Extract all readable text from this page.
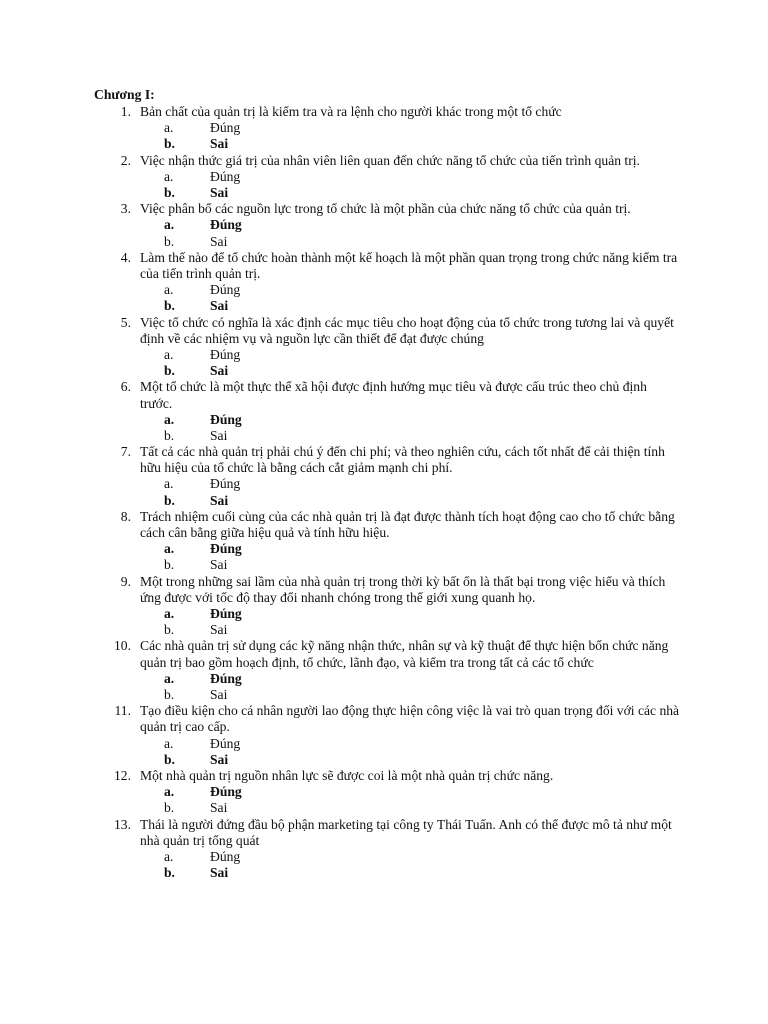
Chương I:
1. Bản chất của quản trị là kiểm tra và ra lệnh cho người khác trong một tổ chức
a.	Đúng
b.	Sai
2. Việc nhận thức giá trị của nhân viên liên quan đến chức năng tổ chức của tiến trình quản trị.
a.	Đúng
b.	Sai
3. Việc phân bổ các nguồn lực trong tổ chức là một phần của chức năng tổ chức của quản trị.
a.	Đúng
b.	Sai
4. Làm thế nào để tổ chức hoàn thành một kế hoạch là một phần quan trọng trong chức năng kiểm tra của tiến trình quản trị.
a.	Đúng
b.	Sai
5. Việc tổ chức có nghĩa là xác định các mục tiêu cho hoạt động của tổ chức trong tương lai và quyết định về các nhiệm vụ và nguồn lực cần thiết để đạt được chúng
a.	Đúng
b.	Sai
6. Một tổ chức là một thực thể xã hội được định hướng mục tiêu và được cấu trúc theo chủ định trước.
a.	Đúng
b.	Sai
7. Tất cả các nhà quản trị phải chú ý đến chi phí; và theo nghiên cứu, cách tốt nhất để cải thiện tính hữu hiệu của tổ chức là bằng cách cắt giảm mạnh chi phí.
a.	Đúng
b.	Sai
8. Trách nhiệm cuối cùng của các nhà quản trị là đạt được thành tích hoạt động cao cho tổ chức bằng cách cân bằng giữa hiệu quả và tính hữu hiệu.
a.	Đúng
b.	Sai
9. Một trong những sai lầm của nhà quản trị trong thời kỳ bất ổn là thất bại trong việc hiểu và thích ứng được với tốc độ thay đổi nhanh chóng trong thế giới xung quanh họ.
a.	Đúng
b.	Sai
10. Các nhà quản trị sử dụng các kỹ năng nhận thức, nhân sự và kỹ thuật để thực hiện bốn chức năng quản trị bao gồm hoạch định, tổ chức, lãnh đạo, và kiểm tra trong tất cả các tổ chức
a.	Đúng
b.	Sai
11. Tạo điều kiện cho cá nhân người lao động thực hiện công việc là vai trò quan trọng đối với các nhà quản trị cao cấp.
a.	Đúng
b.	Sai
12. Một nhà quản trị nguồn nhân lực sẽ được coi là một nhà quản trị chức năng.
a.	Đúng
b.	Sai
13. Thái là người đứng đầu bộ phận marketing tại công ty Thái Tuấn. Anh có thể được mô tả như một nhà quản trị tổng quát
a.	Đúng
b.	Sai
